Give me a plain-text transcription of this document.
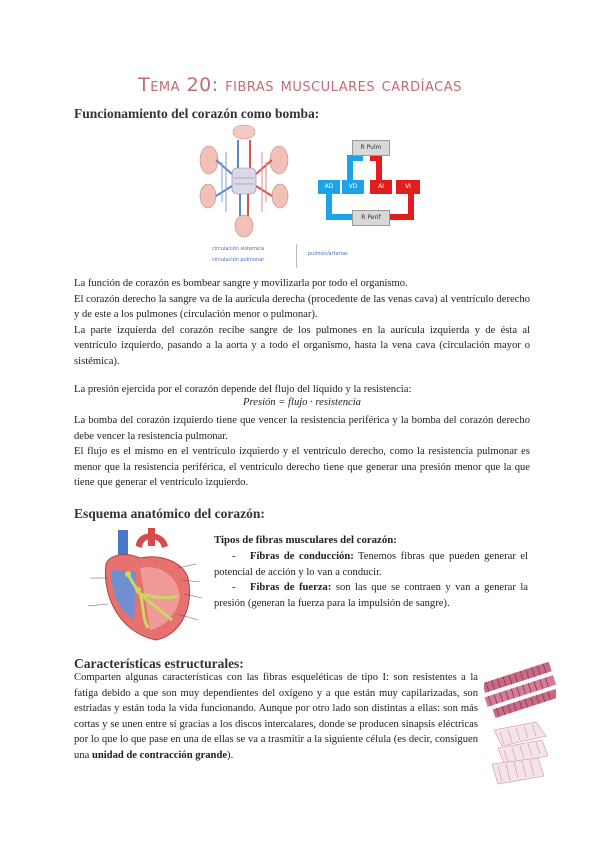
Tema 20: fibras musculares cardíacas
Funcionamiento del corazón como bomba:
circulación sistémica
circulación pulmonar
pulmón/arterias
R Pulm
AD	VD	AI	VI
R Perif
La función de corazón es bombear sangre y movilizarla por todo el organismo.
El corazón derecho la sangre va de la aurícula derecha (procedente de las venas cava) al ventrículo derecho y de este a los pulmones (circulación menor o pulmonar).
La parte izquierda del corazón recibe sangre de los pulmones en la aurícula izquierda y de ésta al ventrículo izquierdo, pasando a la aorta y a todo el organismo, hasta la vena cava (circulación mayor o sistémica).
La presión ejercida por el corazón depende del flujo del líquido y la resistencia:
Presión = flujo · resistencia
La bomba del corazón izquierdo tiene que vencer la resistencia periférica y la bomba del corazón derecho debe vencer la resistencia pulmonar.
El flujo es el mismo en el ventrículo izquierdo y el ventrículo derecho, como la resistencia pulmonar es menor que la resistencia periférica, el ventrículo derecho tiene que generar una presión menor que la que tiene que generar el ventrículo izquierdo.
Esquema anatómico del corazón:
Tipos de fibras musculares del corazón:
- Fibras de conducción: Tenemos fibras que pueden generar el potencial de acción y lo van a conducir.
- Fibras de fuerza: son las que se contraen y van a generar la presión (generan la fuerza para la impulsión de sangre).
Características estructurales:
Comparten algunas características con las fibras esqueléticas de tipo I: son resistentes a la fatiga debido a que son muy dependientes del oxígeno y a que están muy capilarizadas, son estriadas y están toda la vida funcionando. Aunque por otro lado son distintas a ellas: son más cortas y se unen entre sí gracias a los discos intercalares, donde se producen sinapsis eléctricas por lo que lo que pase en una de ellas se va a trasmitir a la siguiente célula (es decir, consiguen una unidad de contracción grande).
